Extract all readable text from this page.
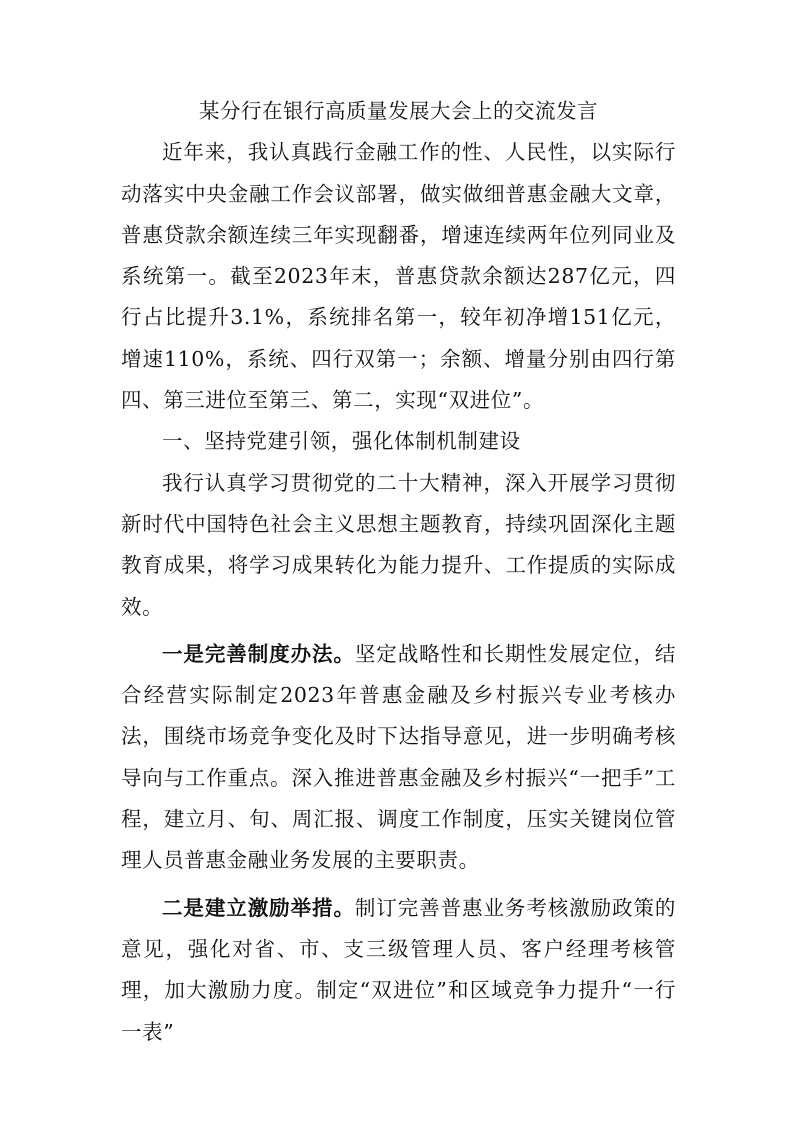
某分行在银行高质量发展大会上的交流发言

近年来，我认真践行金融工作的性、人民性，以实际行动落实中央金融工作会议部署，做实做细普惠金融大文章，普惠贷款余额连续三年实现翻番，增速连续两年位列同业及系统第一。截至2023年末，普惠贷款余额达287亿元，四行占比提升3.1%，系统排名第一，较年初净增151亿元，增速110%，系统、四行双第一；余额、增量分别由四行第四、第三进位至第三、第二，实现“双进位”。

一、坚持党建引领，强化体制机制建设

我行认真学习贯彻党的二十大精神，深入开展学习贯彻新时代中国特色社会主义思想主题教育，持续巩固深化主题教育成果，将学习成果转化为能力提升、工作提质的实际成效。

一是完善制度办法。坚定战略性和长期性发展定位，结合经营实际制定2023年普惠金融及乡村振兴专业考核办法，围绕市场竞争变化及时下达指导意见，进一步明确考核导向与工作重点。深入推进普惠金融及乡村振兴“一把手”工程，建立月、旬、周汇报、调度工作制度，压实关键岗位管理人员普惠金融业务发展的主要职责。

二是建立激励举措。制订完善普惠业务考核激励政策的意见，强化对省、市、支三级管理人员、客户经理考核管理，加大激励力度。制定“双进位”和区域竞争力提升“一行一表”
